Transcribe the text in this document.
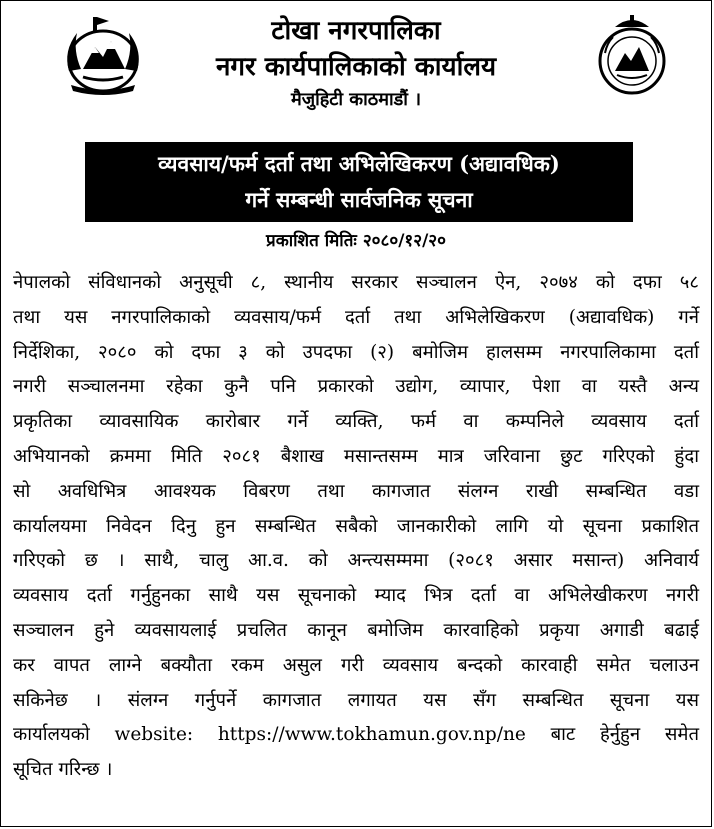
टोखा नगरपालिका

नगर कार्यपालिकाको कार्यालय

मैजुहिटी काठमाडौं ।
व्यवसाय/फर्म दर्ता तथा अभिलेखिकरण (अद्यावधिक)
गर्ने सम्बन्धी सार्वजनिक सूचना
प्रकाशित मितिः २०८०/१२/२०
नेपालको संविधानको अनुसूची ८, स्थानीय सरकार सञ्चालन ऐन, २०७४ को दफा ५८
तथा यस नगरपालिकाको व्यवसाय/फर्म दर्ता तथा अभिलेखिकरण (अद्यावधिक) गर्ने
निर्देशिका, २०८० को दफा ३ को उपदफा (२) बमोजिम हालसम्म नगरपालिकामा दर्ता
नगरी सञ्चालनमा रहेका कुनै पनि प्रकारको उद्योग, व्यापार, पेशा वा यस्तै अन्य
प्रकृतिका व्यावसायिक कारोबार गर्ने व्यक्ति, फर्म वा कम्पनिले व्यवसाय दर्ता
अभियानको क्रममा मिति २०८१ बैशाख मसान्तसम्म मात्र जरिवाना छुट गरिएको हुंदा
सो अवधिभित्र आवश्यक विबरण तथा कागजात संलग्न राखी सम्बन्धित वडा
कार्यालयमा निवेदन दिनु हुन सम्बन्धित सबैको जानकारीको लागि यो सूचना प्रकाशित
गरिएको छ । साथै, चालु आ.व. को अन्त्यसम्ममा (२०८१ असार मसान्त) अनिवार्य
व्यवसाय दर्ता गर्नुहुनका साथै यस सूचनाको म्याद भित्र दर्ता वा अभिलेखीकरण नगरी
सञ्चालन हुने व्यवसायलाई प्रचलित कानून बमोजिम कारवाहिको प्रकृया अगाडी बढाई
कर वापत लाग्ने बक्यौता रकम असुल गरी व्यवसाय बन्दको कारवाही समेत चलाउन
सकिनेछ । संलग्न गर्नुपर्ने कागजात लगायत यस सँग सम्बन्धित सूचना यस
कार्यालयको website: https://www.tokhamun.gov.np/ne बाट हेर्नुहुन समेत
सूचित गरिन्छ ।
